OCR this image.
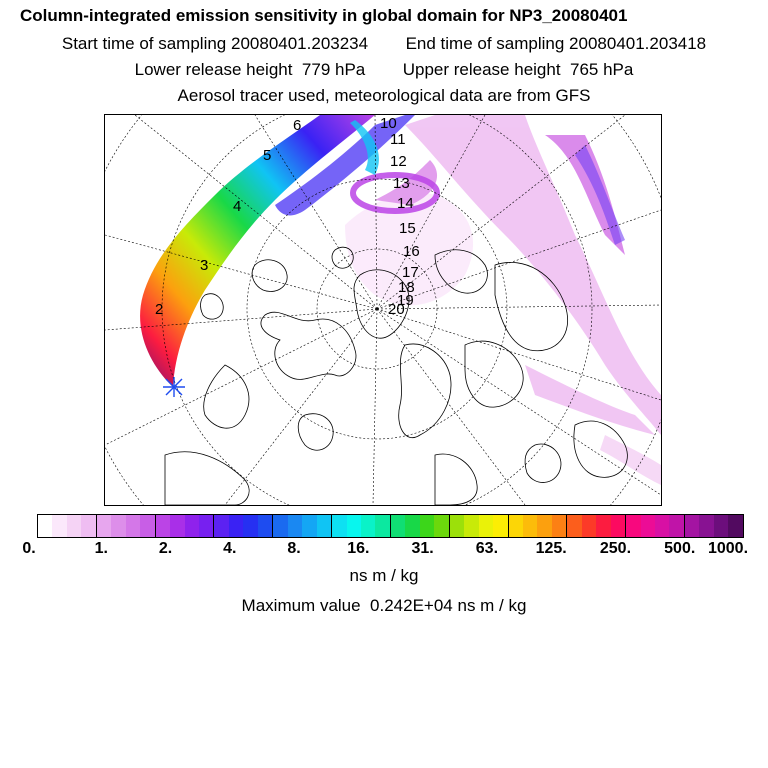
Column-integrated emission sensitivity in global domain for NP3_20080401
Start time of sampling 20080401.203234 End time of sampling 20080401.203418
Lower release height 779 hPa Upper release height 765 hPa
Aerosol tracer used, meteorological data are from GFS
2
3
4
5
6	10
11
12
13
14
15
16
17
18
19
20
0.	1.	2.	4.	8.	16.	31.	63. 125. 250. 500. 1000.
ns m / kg
Maximum value 0.242E+04 ns m / kg
